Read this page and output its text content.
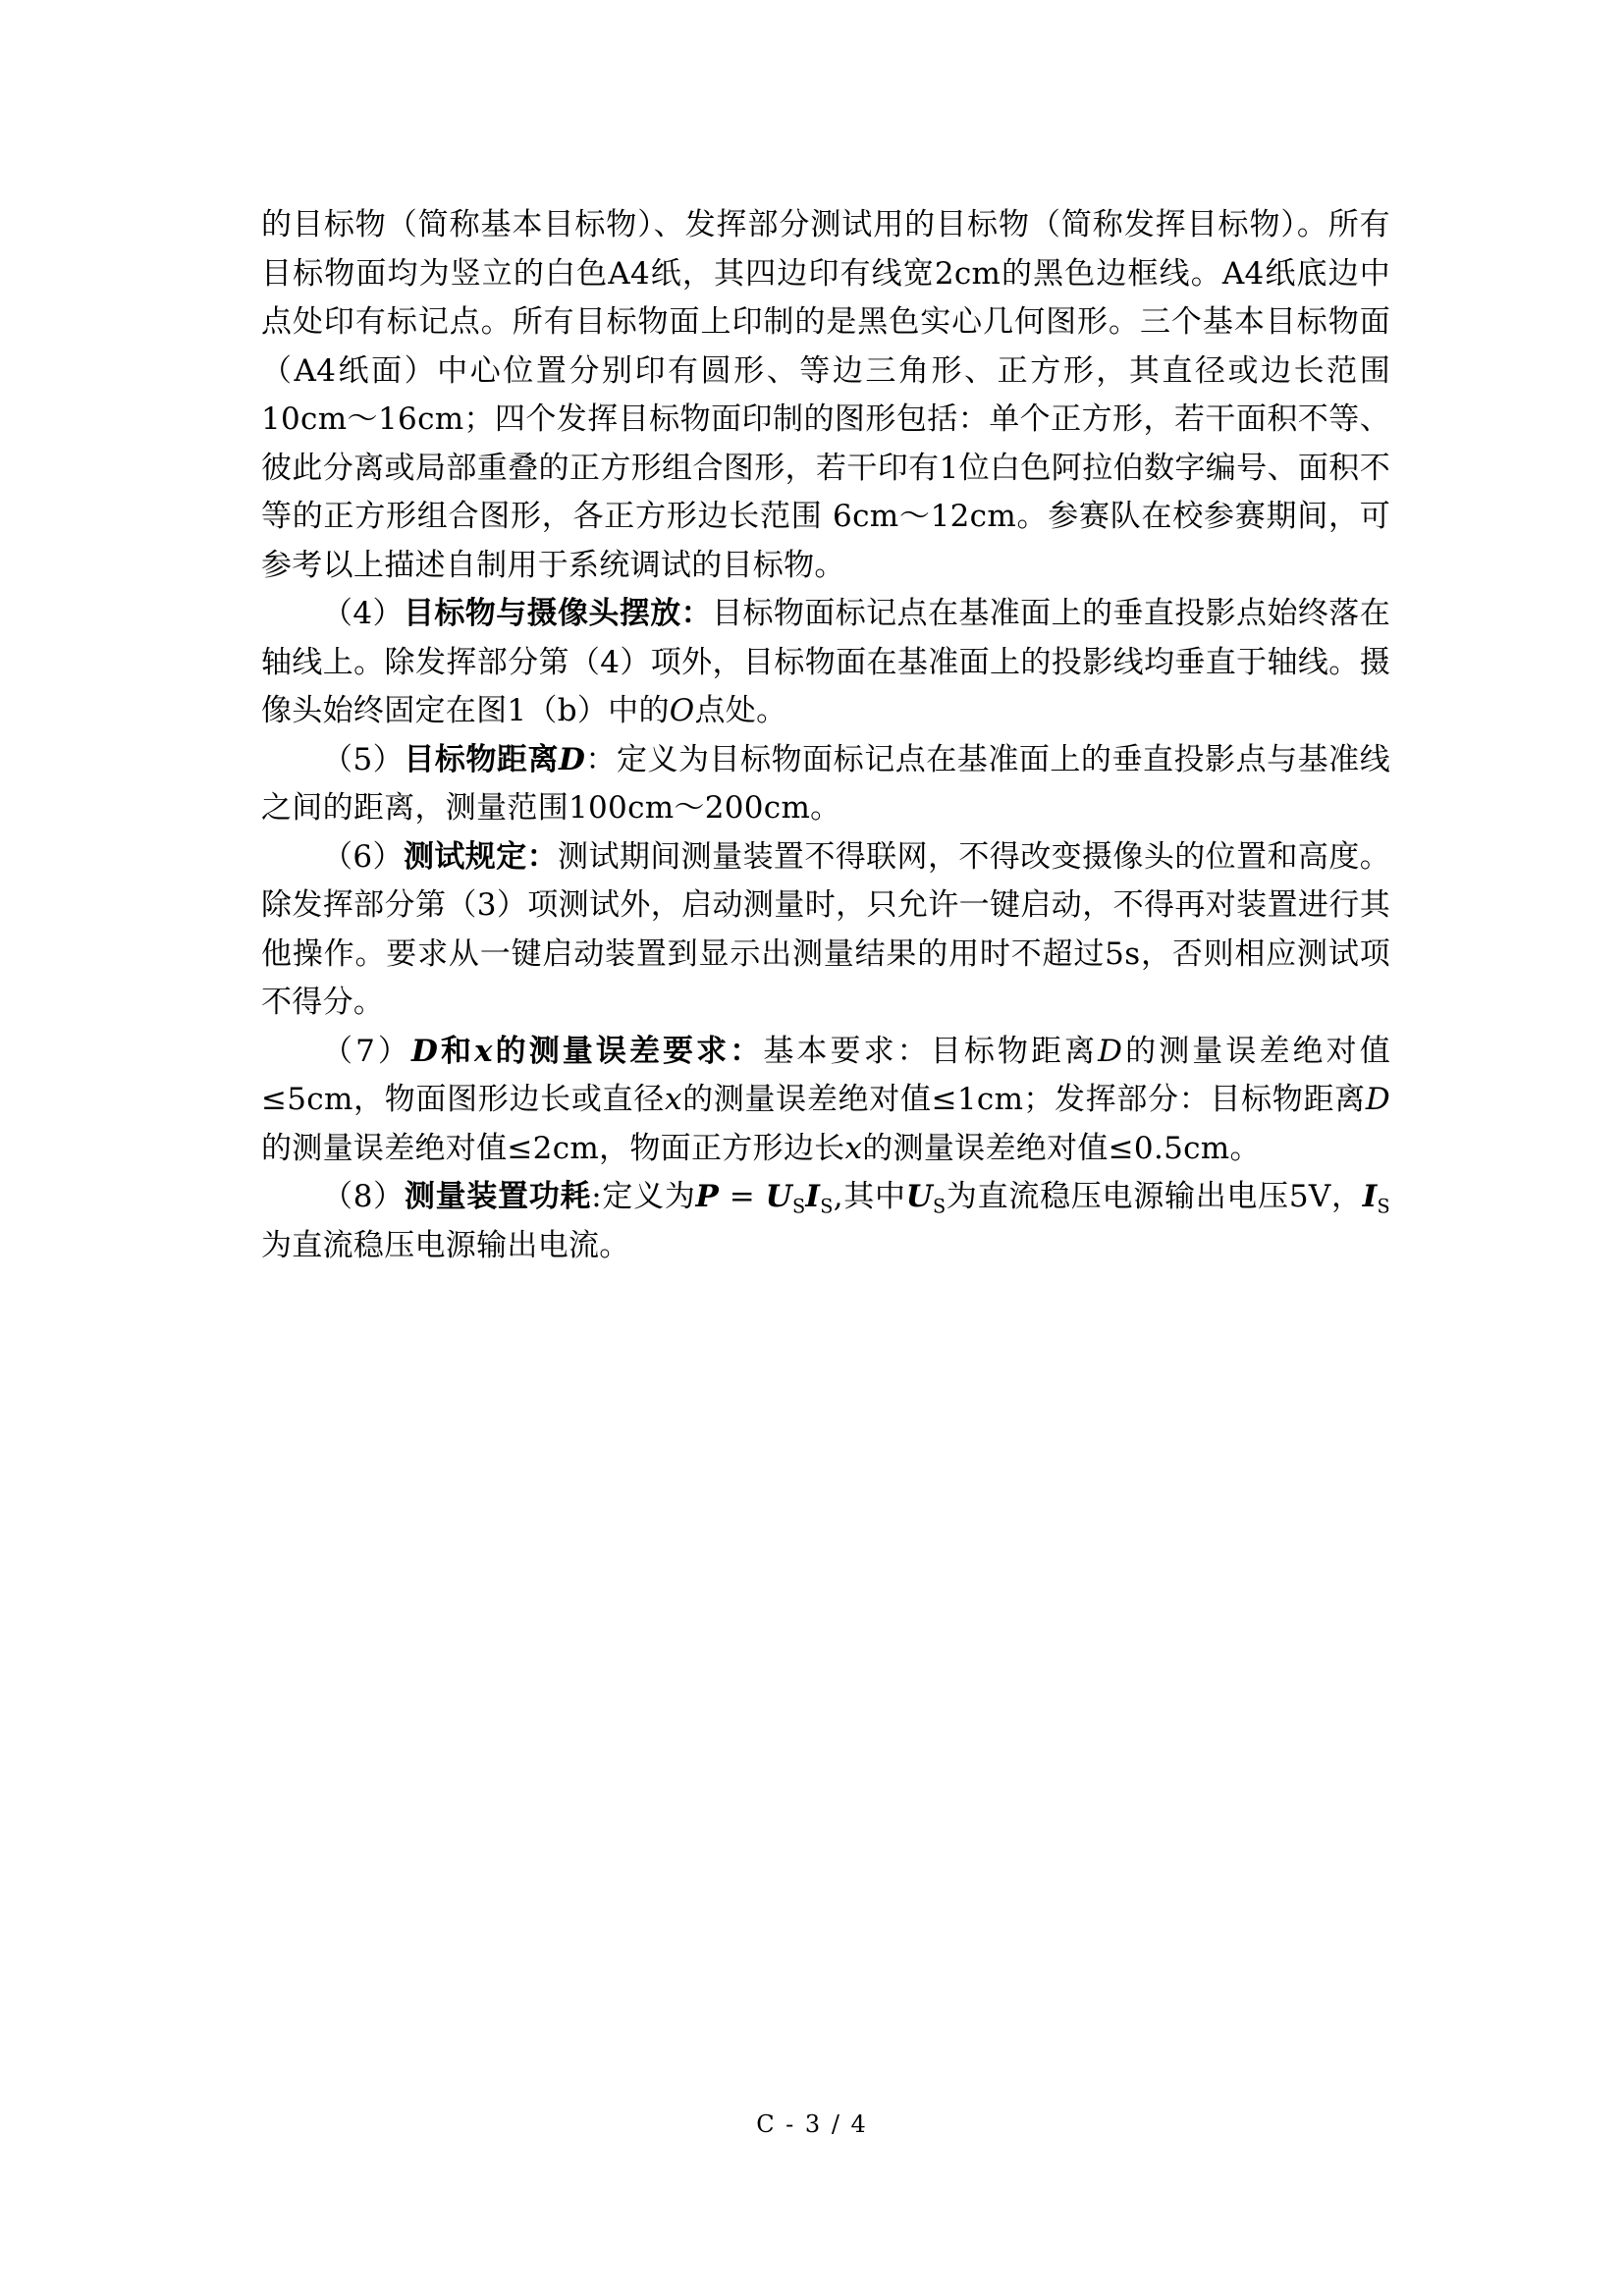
的目标物（简称基本目标物）、发挥部分测试用的目标物（简称发挥目标物）。所有目标物面均为竖立的白色A4纸，其四边印有线宽2cm的黑色边框线。A4纸底边中点处印有标记点。所有目标物面上印制的是黑色实心几何图形。三个基本目标物面（A4纸面）中心位置分别印有圆形、等边三角形、正方形，其直径或边长范围10cm～16cm；四个发挥目标物面印制的图形包括：单个正方形，若干面积不等、彼此分离或局部重叠的正方形组合图形，若干印有1位白色阿拉伯数字编号、面积不等的正方形组合图形，各正方形边长范围 6cm～12cm。参赛队在校参赛期间，可参考以上描述自制用于系统调试的目标物。

（4）目标物与摄像头摆放：目标物面标记点在基准面上的垂直投影点始终落在轴线上。除发挥部分第（4）项外，目标物面在基准面上的投影线均垂直于轴线。摄像头始终固定在图1（b）中的O点处。

（5）目标物距离D：定义为目标物面标记点在基准面上的垂直投影点与基准线之间的距离，测量范围100cm～200cm。

（6）测试规定：测试期间测量装置不得联网，不得改变摄像头的位置和高度。除发挥部分第（3）项测试外，启动测量时，只允许一键启动，不得再对装置进行其他操作。要求从一键启动装置到显示出测量结果的用时不超过5s，否则相应测试项不得分。

（7）D和x的测量误差要求：基本要求：目标物距离D的测量误差绝对值≤5cm，物面图形边长或直径x的测量误差绝对值≤1cm；发挥部分：目标物距离D的测量误差绝对值≤2cm，物面正方形边长x的测量误差绝对值≤0.5cm。

（8）测量装置功耗:定义为$P = U_SI_S$,其中$U_S$为直流稳压电源输出电压5V，$I_S$为直流稳压电源输出电流。

C - 3 / 4
